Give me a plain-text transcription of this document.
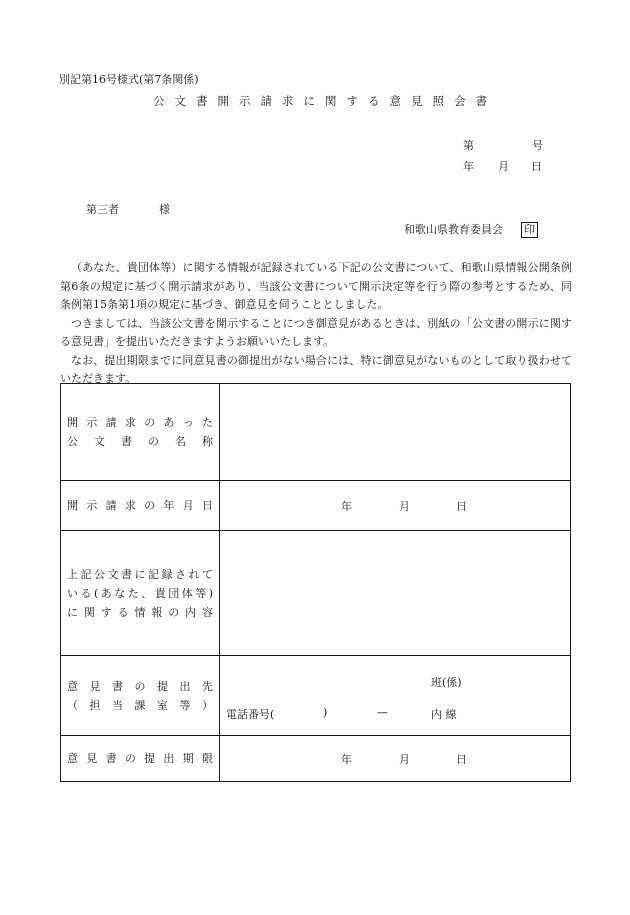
別記第16号様式(第7条関係)
公文書開示請求に関する意見照会書
第	号
年 月 日
第三者	様
和歌山県教育委員会 印

（あなた、貴団体等）に関する情報が記録されている下記の公文書について、和歌山県情報公開条例第6条の規定に基づく開示請求があり、当該公文書について開示決定等を行う際の参考とするため、同条例第15条第1項の規定に基づき、御意見を伺うこととしました。

つきましては、当該公文書を開示することにつき御意見があるときは、別紙の「公文書の開示に関する意見書」を提出いただきますようお願いいたします。

なお、提出期限までに同意見書の御提出がない場合には、特に御意見がないものとして取り扱わせていただきます。

開示請求のあった
公文書の名称	

開示請求の年月日	年 月 日

上記公文書に記録されて
いる(あなた、貴団体等)
に関する情報の内容	

意見書の提出先
（担当課室等）	班(係)
電話番号( ) — 内 線

意見書の提出期限	年 月 日
